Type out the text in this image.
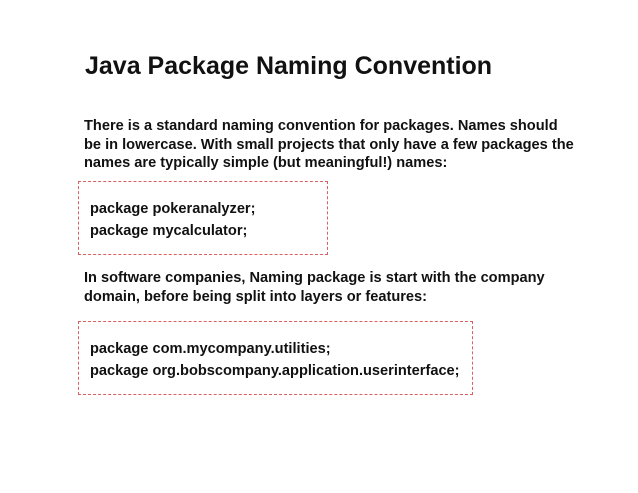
Java Package Naming Convention
There is a standard naming convention for packages. Names should
be in lowercase. With small projects that only have a few packages the
names are typically simple (but meaningful!) names:
package pokeranalyzer;
package mycalculator;
In software companies, Naming package is start with the company
domain, before being split into layers or features:
package com.mycompany.utilities;
package org.bobscompany.application.userinterface;
